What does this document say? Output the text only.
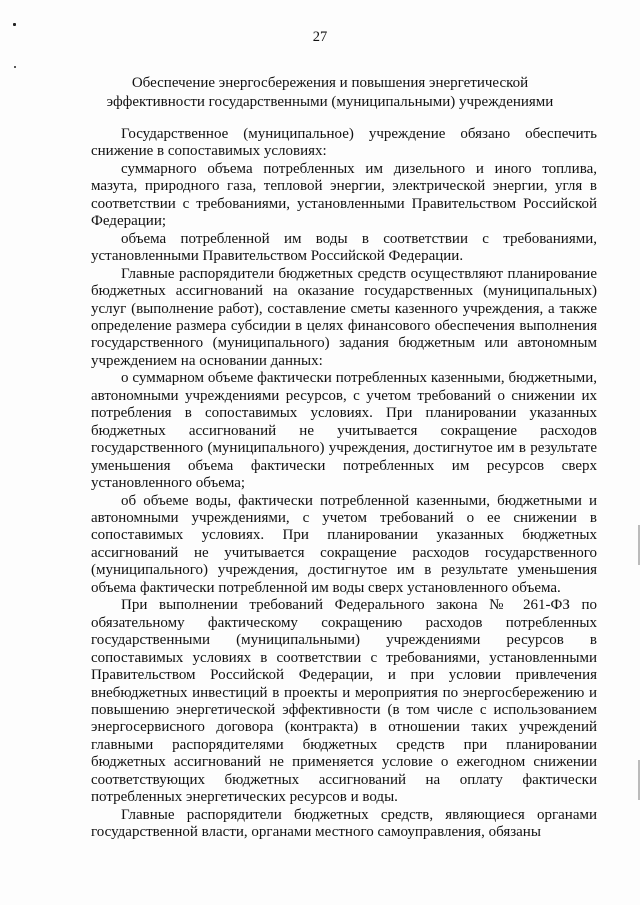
27
Обеспечение энергосбережения и повышения энергетической
эффективности государственными (муниципальными) учреждениями

Государственное (муниципальное) учреждение обязано обеспечить снижение в сопоставимых условиях:

суммарного объема потребленных им дизельного и иного топлива, мазута, природного газа, тепловой энергии, электрической энергии, угля в соответствии с требованиями, установленными Правительством Российской Федерации;

объема потребленной им воды в соответствии с требованиями, установленными Правительством Российской Федерации.

Главные распорядители бюджетных средств осуществляют планирование бюджетных ассигнований на оказание государственных (муниципальных) услуг (выполнение работ), составление сметы казенного учреждения, а также определение размера субсидии в целях финансового обеспечения выполнения государственного (муниципального) задания бюджетным или автономным учреждением на основании данных:

о суммарном объеме фактически потребленных казенными, бюджетными, автономными учреждениями ресурсов, с учетом требований о снижении их потребления в сопоставимых условиях. При планировании указанных бюджетных ассигнований не учитывается сокращение расходов государственного (муниципального) учреждения, достигнутое им в результате уменьшения объема фактически потребленных им ресурсов сверх установленного объема;

об объеме воды, фактически потребленной казенными, бюджетными и автономными учреждениями, с учетом требований о ее снижении в сопоставимых условиях. При планировании указанных бюджетных ассигнований не учитывается сокращение расходов государственного (муниципального) учреждения, достигнутое им в результате уменьшения объема фактически потребленной им воды сверх установленного объема.

При выполнении требований Федерального закона № 261-ФЗ по обязательному фактическому сокращению расходов потребленных государственными (муниципальными) учреждениями ресурсов в сопоставимых условиях в соответствии с требованиями, установленными Правительством Российской Федерации, и при условии привлечения внебюджетных инвестиций в проекты и мероприятия по энергосбережению и повышению энергетической эффективности (в том числе с использованием энергосервисного договора (контракта) в отношении таких учреждений главными распорядителями бюджетных средств при планировании бюджетных ассигнований не применяется условие о ежегодном снижении соответствующих бюджетных ассигнований на оплату фактически потребленных энергетических ресурсов и воды.

Главные распорядители бюджетных средств, являющиеся органами государственной власти, органами местного самоуправления, обязаны
